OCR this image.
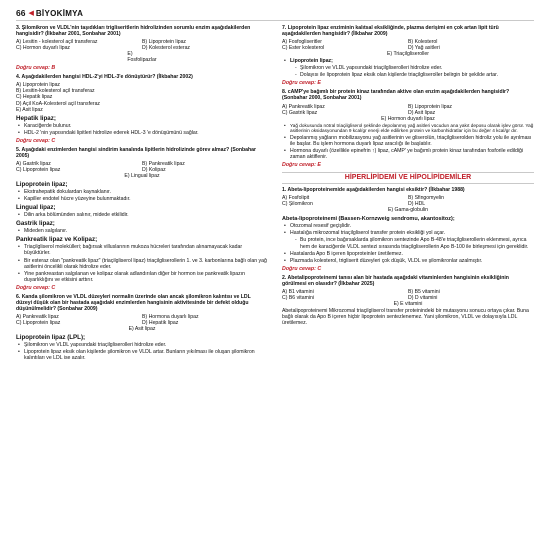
66 ◀ BİYOKİMYA
3. Şilomikron ve VLDL'nin taşıdıkları trigliseritlerin hidrolizinden sorumlu enzim aşağıdakilerden hangisidir? (İlkbahar 2001, Sonbahar 2001)
A) Lesitin - kolesterol açil transferaz	B) Lipoprotein lipaz
C) Hormon duyarlı lipaz	D) Kolesterol esteraz
E) Fosfolipazlar
Doğru cevap: B
4. Aşağıdakilerden hangisi HDL-2'yi HDL-3'e dönüştürür? (İlkbahar 2002)
A) Lipoprotein lipaz
B) Lesitin-kolesterol açil transferaz
C) Hepatik lipaz
D) Açil KoA-Kolesterol açil transferaz
E) Asit lipaz
Hepatik lipaz;
• Karaciğerde bulunur.
• HDL-2 'nin yapısındaki lipitleri hidrolize ederek HDL-3 'e dönüşümünü sağlar.
Doğru cevap: C
5. Aşağıdaki enzimlerden hangisi sindirim kanalında lipitlerin hidrolizinde görev almaz? (Sonbahar 2005)
A) Gastrik lipaz	B) Pankreatik lipaz
C) Lipoprotein lipaz	D) Kolipaz
E) Lingual lipaz
Lipoprotein lipaz;
• Ekstrahepatik dokulardan kaynaklanır.
• Kapiller endotel hücre yüzeyine bulunmaktadır.
Lingual lipaz;
• Dilin arka bölümünden salınır, midede etkilidir.
Gastrik lipaz;
• Mideden salgılanır.
Pankreatik lipaz ve Kolipaz;
• Triaçilgliserol molekülleri; bağırsak villuslarının mukoza hücreleri tarafından alınamayacak kadar büyüktürler.
• Bir esteraz olan "pankreatik lipaz" (triaçilgliserol lipaz) triaçilgliserollerin 1. ve 3. karbonlarına bağlı olan yağ asitlerini öncelikli olarak hidrolize eder.
• Yine pankreastan salgılanan ve kolipaz olarak adlandırılan diğer bir hormon ise pankreatik lipazın duyarlıklığını ve etkisini arttırır.
Doğru cevap: C
6. Kanda şilomikron ve VLDL düzeyleri normalin üzerinde olan ancak şilomikron kalıntısı ve LDL düzeyi düşük olan bir hastada aşağıdaki enzimlerden hangisinin aktivitesinde bir defekt olduğu düşünülmelidir? (Sonbahar 2009)
A) Pankreatik lipaz	B) Hormona duyarlı lipaz
C) Lipoprotein lipaz	D) Hepatik lipaz
E) Asit lipaz
Lipoprotein lipaz (LPL);
• Şilomikron ve VLDL yapısındaki triaçilgliserolleri hidrolize eder.
• Lipoprotein lipaz eksik olan kişilerde şilomikron ve VLDL artar. Bunların yıkılması ile oluşan şilomikron kalıntıları ve LDL ise azalır.
7. Lipoprotein lipaz enziminin kalıtsal eksikliğinde, plazma derişimi en çok artan lipit türü aşağıdakilerden hangisidir? (İlkbahar 2009)
A) Fosfogliseritler	B) Kolesterol
C) Ester kolesterol	D) Yağ asitleri
E) Triaçilgliseroller
• Lipoprotein lipaz;
- Şilomikron ve VLDL yapısındaki triaçilgliserolleri hidrolize eder.
- Dolayısı ile lipoprotein lipaz eksik olan kişilerde triaçilgliseroller belirgin bir şekilde artar.
Doğru cevap: E
8. cAMP'ye bağımlı bir protein kinaz tarafından aktive olan enzim aşağıdakilerden hangisidir? (Sonbahar 2000, Sonbahar 2001)
A) Pankreatik lipaz	B) Lipoprotein lipaz
C) Gastrik lipaz	D) Asit lipaz
E) Hormon duyarlı lipaz
• Yağ dokusunda nötral triaçilgliserol şeklinde depolanmış yağ asitleri vücudun ana yakıt deposu olarak işlev görür. Yağ asitlerinin oksidasyonundan 9 kcal/gr enerji elde edilirken protein ve karbonhidratlar için bu değer 4 kcal/gr dır.
• Depolanmış yağların mobilizasyonu yağ asitlerinin ve gliserolün, triaçilgliserolden hidroliz yolu ile ayrılması ile başlar. Bu işlem hormona duyarlı lipaz aracılığı ile başlatılır.
• Hormona duyarlı (özellikle epinefrin ↑) lipaz, cAMP' ye bağımlı protein kinaz tarafından fosforile edildiği zaman aktiflenir.
Doğru cevap: E
HİPERLİPİDEMİ VE HİPOLİPİDEMİLER
1. Abeta-lipoproteinemide aşağıdakilerden hangisi eksiktir? (İlkbahar 1988)
A) Fosfolipit	B) Sfingomyelin
C) Şilomikron	D) HDL
E) Gama-globulin
Abeta-lipoproteinemi (Bassen-Kornzweig sendromu, akantositoz);
• Otozomal resesif geçişlidir.
• Hastalığa mikrozomal triaçilgliserol transfer protein eksikliği yol açar.
- Bu protein, ince bağırsaklarda şilomikron sentezinde Apo B-48'e triaçilgliserollerin eklenmesi, ayrıca hem de karaciğerde VLDL sentezi sırasında triaçilgliserollerin Apo B-100 ile birleşmesi için gereklidir.
• Hastalarda Apo B içeren lipoproteinler üretilemez.
• Plazmada kolesterol, trigliserit düzeyleri çok düşük, VLDL ve şilomikronlar azalmıştır.
Doğru cevap: C
2. Abetalipoproteinemi tanısı alan bir hastada aşağıdaki vitaminlerden hangisinin eksikliğinin görülmesi en olasıdır? (İlkbahar 2025)
A) B1 vitamini	B) B5 vitamini
C) B6 vitamini	D) D vitamini
E) E vitamini
Abetalipoproteinemi Mikrozomal triaçilgliserol transfer proteinindeki bir mutasyonu sonucu ortaya çıkar. Buna bağlı olarak da Apo B içeren hiçbir lipoprotein sentezlenemez. Yani şilomikron, VLDL ve dolayısıyla LDL üretilemez.
